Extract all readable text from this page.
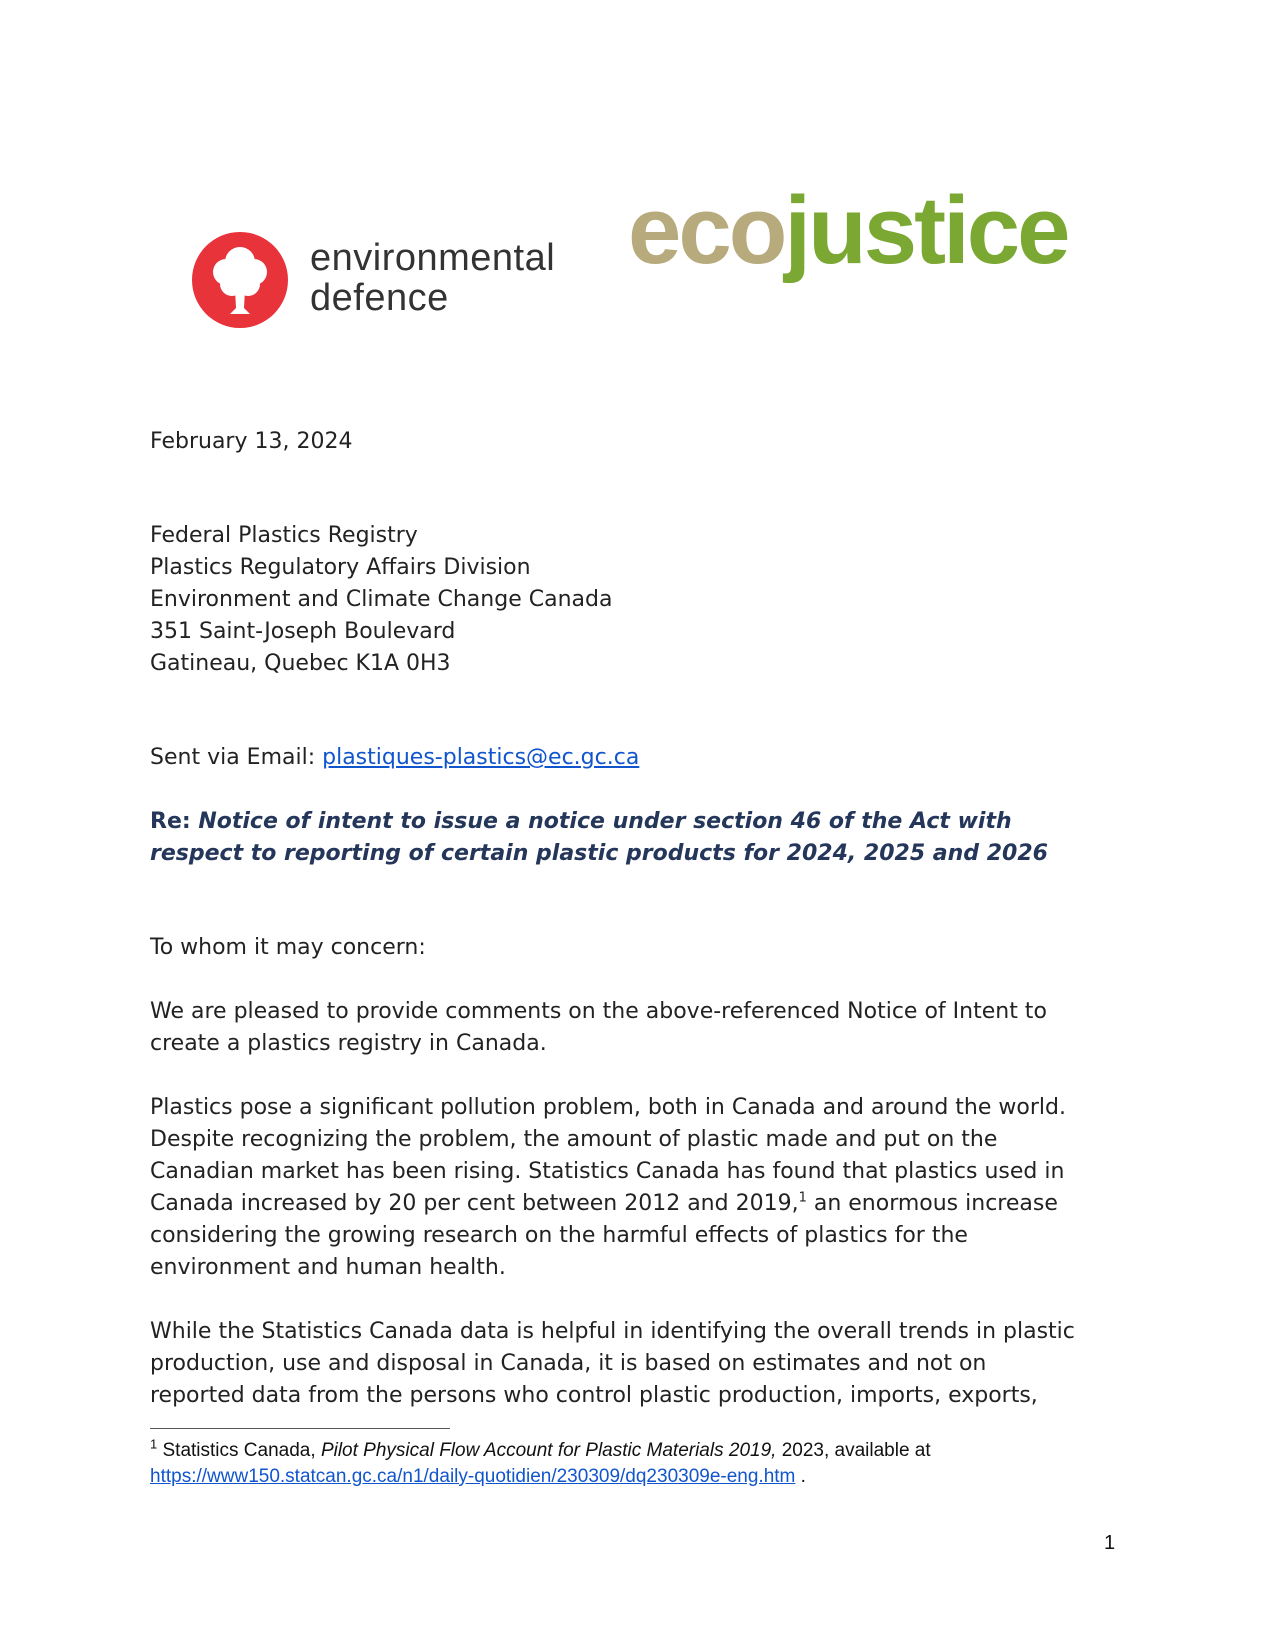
environmental
defence
ecojustice

February 13, 2024

Federal Plastics Registry

Plastics Regulatory Affairs Division

Environment and Climate Change Canada

351 Saint-Joseph Boulevard

Gatineau, Quebec K1A 0H3

Sent via Email: plastiques-plastics@ec.gc.ca

Re: Notice of intent to issue a notice under section 46 of the Act with
respect to reporting of certain plastic products for 2024, 2025 and 2026

To whom it may concern:

We are pleased to provide comments on the above-referenced Notice of Intent to
create a plastics registry in Canada.
Plastics pose a significant pollution problem, both in Canada and around the world.
Despite recognizing the problem, the amount of plastic made and put on the
Canadian market has been rising. Statistics Canada has found that plastics used in
Canada increased by 20 per cent between 2012 and 2019,$^1$ an enormous increase
considering the growing research on the harmful effects of plastics for the
environment and human health.
While the Statistics Canada data is helpful in identifying the overall trends in plastic
production, use and disposal in Canada, it is based on estimates and not on
reported data from the persons who control plastic production, imports, exports,
$^1$ Statistics Canada, Pilot Physical Flow Account for Plastic Materials 2019, 2023, available at
https://www150.statcan.gc.ca/n1/daily-quotidien/230309/dq230309e-eng.htm .
1
